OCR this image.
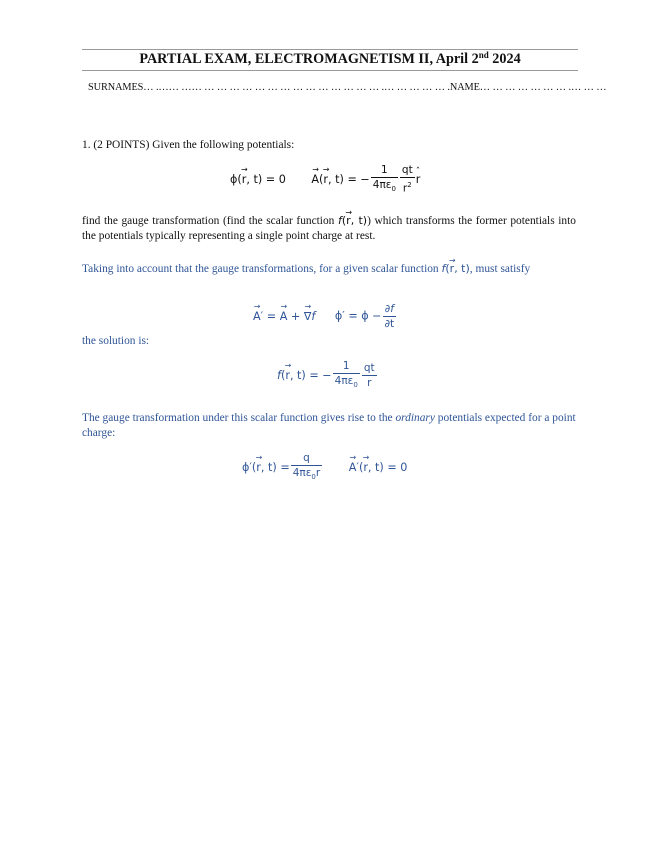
PARTIAL EXAM, ELECTROMAGNETISM II, April 2nd 2024
SURNAMES… .…… …… … … … … … … … … … … … … … … .… … … … … .NAME… … … … … … … .… … …
1. (2 POINTS) Given the following potentials:
ϕ(→ r, t) = 0 → A(→ r, t) = − $\frac{1}{4\pi\varepsilon_0} \frac{qt}{r^2}$
ˆ r
find the gauge transformation (find the scalar function f(→ r, t)) which transforms the former potentials into the potentials typically representing a single point charge at rest.
Taking into account that the gauge transformations, for a given scalar function f(→ r, t), must satisfy
→ A′ = → A + → ∇f $\phi' = \phi - \frac{\partial f}{\partial t}$
the solution is:
f(→ r, t) = − $\frac{1}{4\pi\varepsilon_0} \frac{qt}{r}$
The gauge transformation under this scalar function gives rise to the ordinary potentials expected for a point charge:
ϕ′(→ r, $t) = \frac{q}{4\pi\varepsilon_0r}$
→ A′(→ r, t) = 0
